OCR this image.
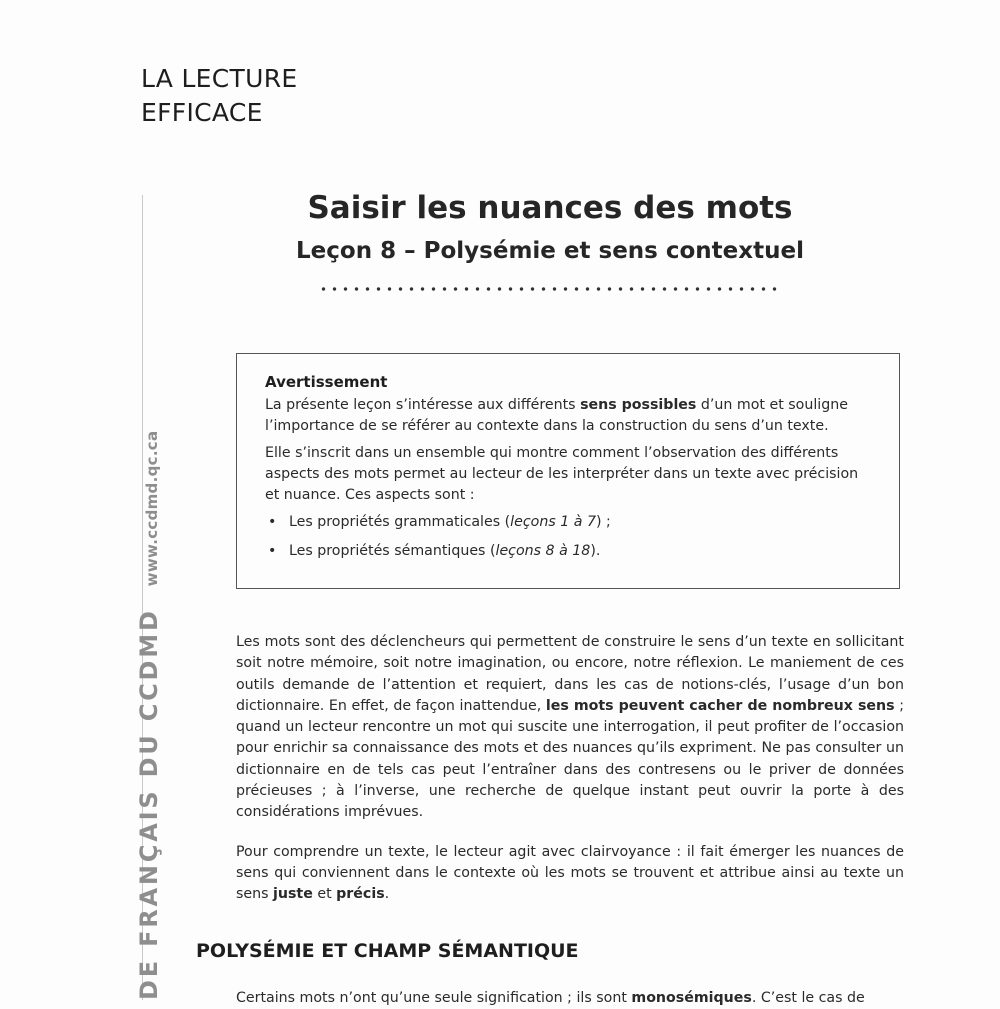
LA LECTURE
EFFICACE
DE FRANÇAIS DU CCDMDwww.ccdmd.qc.ca
Saisir les nuances des mots
Leçon 8 – Polysémie et sens contextuel
Avertissement

La présente leçon s’intéresse aux différents sens possibles d’un mot et souligne l’importance de se référer au contexte dans la construction du sens d’un texte.

Elle s’inscrit dans un ensemble qui montre comment l’observation des différents aspects des mots permet au lecteur de les interpréter dans un texte avec précision et nuance. Ces aspects sont :

• Les propriétés grammaticales (leçons 1 à 7) ;
• Les propriétés sémantiques (leçons 8 à 18).

Les mots sont des déclencheurs qui permettent de construire le sens d’un texte en sollicitant soit notre mémoire, soit notre imagination, ou encore, notre réflexion. Le maniement de ces outils demande de l’attention et requiert, dans les cas de notions-clés, l’usage d’un bon dictionnaire. En effet, de façon inattendue, les mots peuvent cacher de nombreux sens ; quand un lecteur rencontre un mot qui suscite une interrogation, il peut profiter de l’occasion pour enrichir sa connaissance des mots et des nuances qu’ils expriment. Ne pas consulter un dictionnaire en de tels cas peut l’entraîner dans des contresens ou le priver de données précieuses ; à l’inverse, une recherche de quelque instant peut ouvrir la porte à des considérations imprévues.

Pour comprendre un texte, le lecteur agit avec clairvoyance : il fait émerger les nuances de sens qui conviennent dans le contexte où les mots se trouvent et attribue ainsi au texte un sens juste et précis.

POLYSÉMIE ET CHAMP SÉMANTIQUE
Certains mots n’ont qu’une seule signification ; ils sont monosémiques. C’est le cas de
